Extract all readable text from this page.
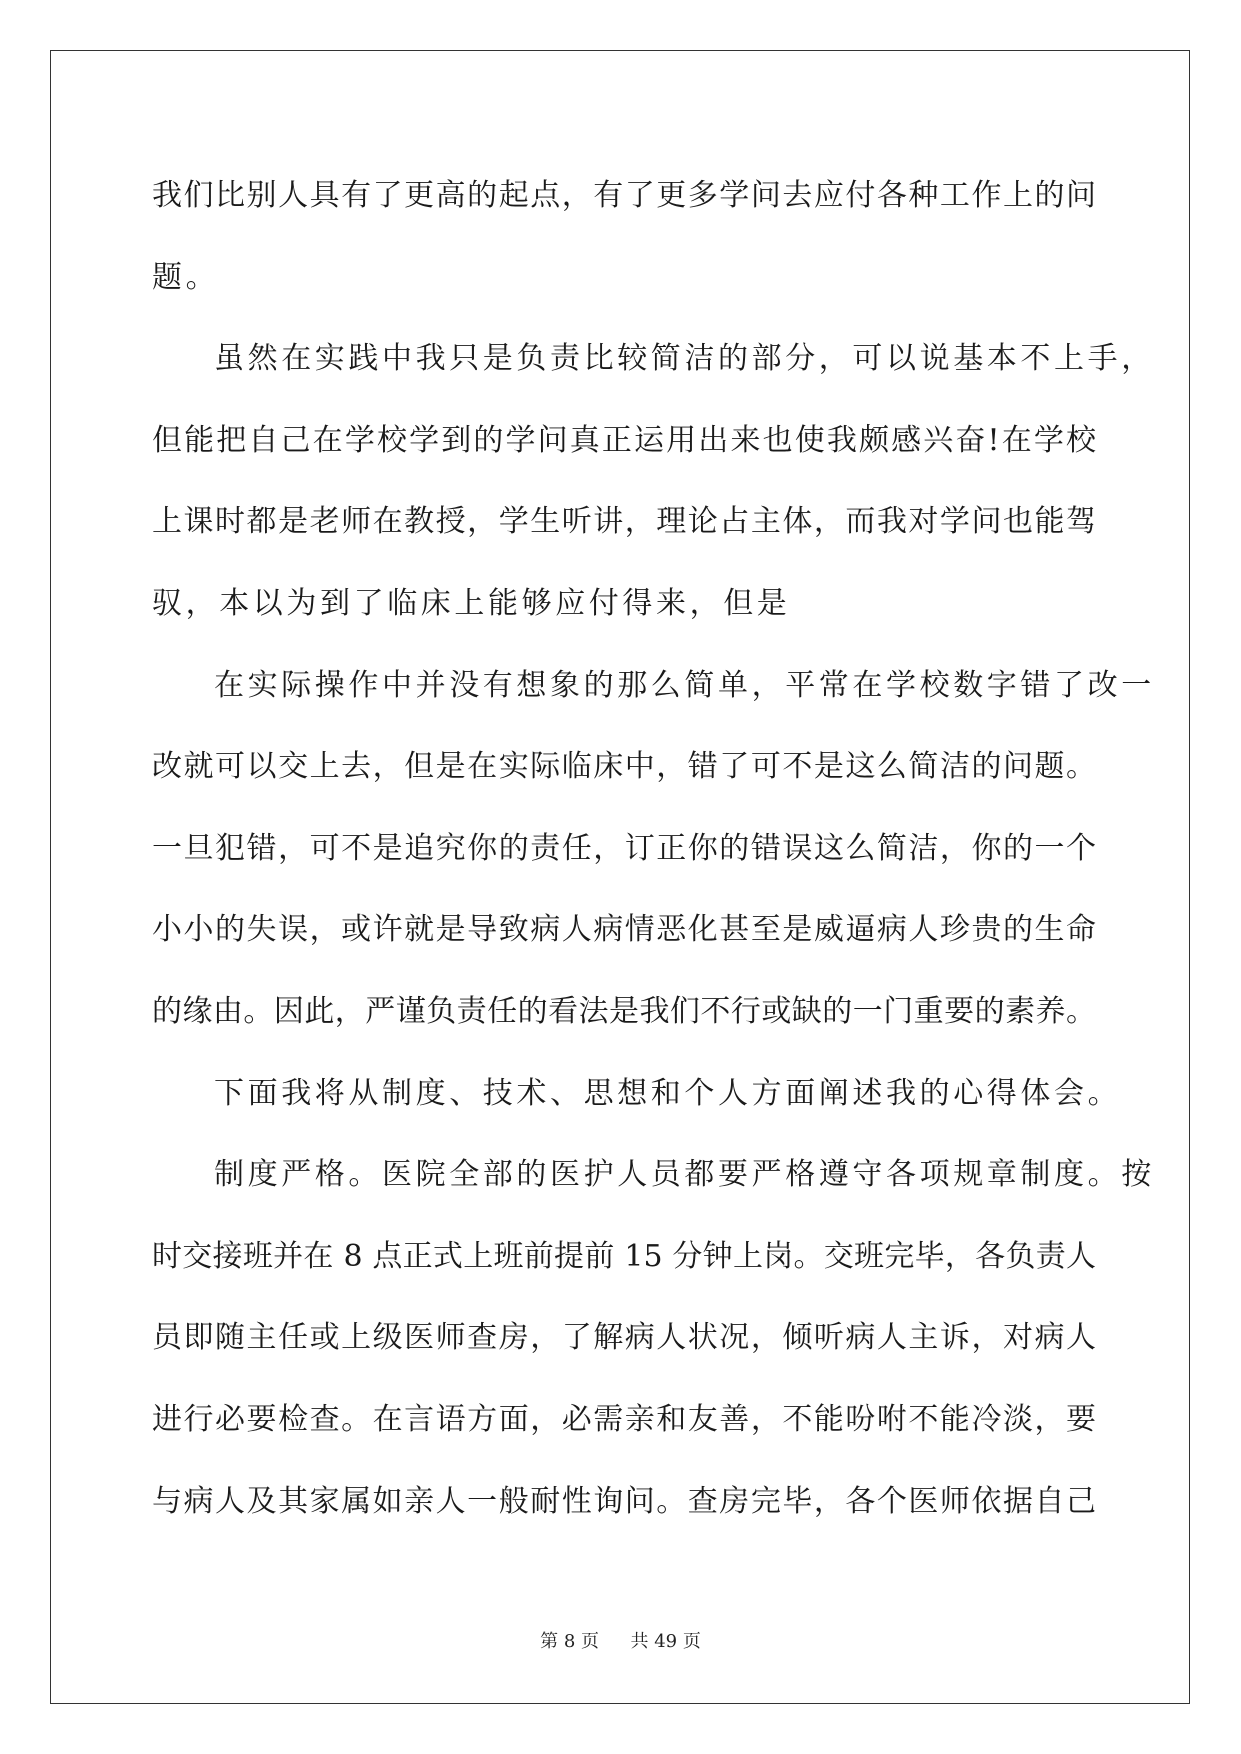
我们比别人具有了更高的起点，有了更多学问去应付各种工作上的问
题。
虽然在实践中我只是负责比较简洁的部分，可以说基本不上手，
但能把自己在学校学到的学问真正运用出来也使我颇感兴奋!在学校
上课时都是老师在教授，学生听讲，理论占主体，而我对学问也能驾
驭，本以为到了临床上能够应付得来，但是
在实际操作中并没有想象的那么简单，平常在学校数字错了改一
改就可以交上去，但是在实际临床中，错了可不是这么简洁的问题。
一旦犯错，可不是追究你的责任，订正你的错误这么简洁，你的一个
小小的失误，或许就是导致病人病情恶化甚至是威逼病人珍贵的生命
的缘由。因此，严谨负责任的看法是我们不行或缺的一门重要的素养。
下面我将从制度、技术、思想和个人方面阐述我的心得体会。
制度严格。医院全部的医护人员都要严格遵守各项规章制度。按
时交接班并在 8 点正式上班前提前 15 分钟上岗。交班完毕，各负责人
员即随主任或上级医师查房，了解病人状况，倾听病人主诉，对病人
进行必要检查。在言语方面，必需亲和友善，不能吩咐不能冷淡，要
与病人及其家属如亲人一般耐性询问。查房完毕，各个医师依据自己
第 8 页 共 49 页
